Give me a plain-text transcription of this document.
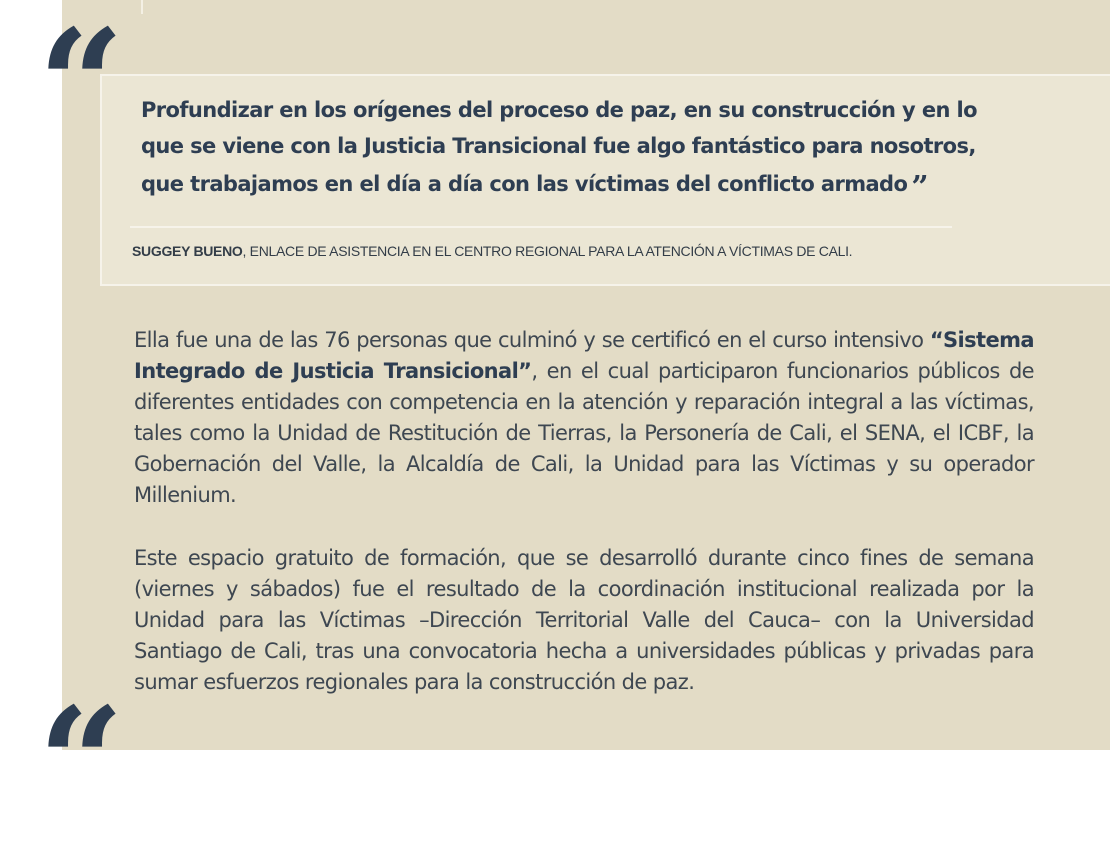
“ Profundizar en los orígenes del proceso de paz, en su construcción y en lo que se viene con la Justicia Transicional fue algo fantástico para nosotros, que trabajamos en el día a día con las víctimas del conflicto armado ”
SUGGEY BUENO, ENLACE DE ASISTENCIA EN EL CENTRO REGIONAL PARA LA ATENCIÓN A VÍCTIMAS DE CALI.
Ella fue una de las 76 personas que culminó y se certificó en el curso intensivo “Sistema Integrado de Justicia Transicional”, en el cual participaron funcionarios públicos de diferentes entidades con competencia en la atención y reparación integral a las víctimas, tales como la Unidad de Restitución de Tierras, la Personería de Cali, el SENA, el ICBF, la Gobernación del Valle, la Alcaldía de Cali, la Unidad para las Víctimas y su operador Millenium.
Este espacio gratuito de formación, que se desarrolló durante cinco fines de semana (viernes y sábados) fue el resultado de la coordinación institucional realizada por la Unidad para las Víctimas –Dirección Territorial Valle del Cauca– con la Universidad Santiago de Cali, tras una convocatoria hecha a universidades públicas y privadas para sumar esfuerzos regionales para la construcción de paz.
“
